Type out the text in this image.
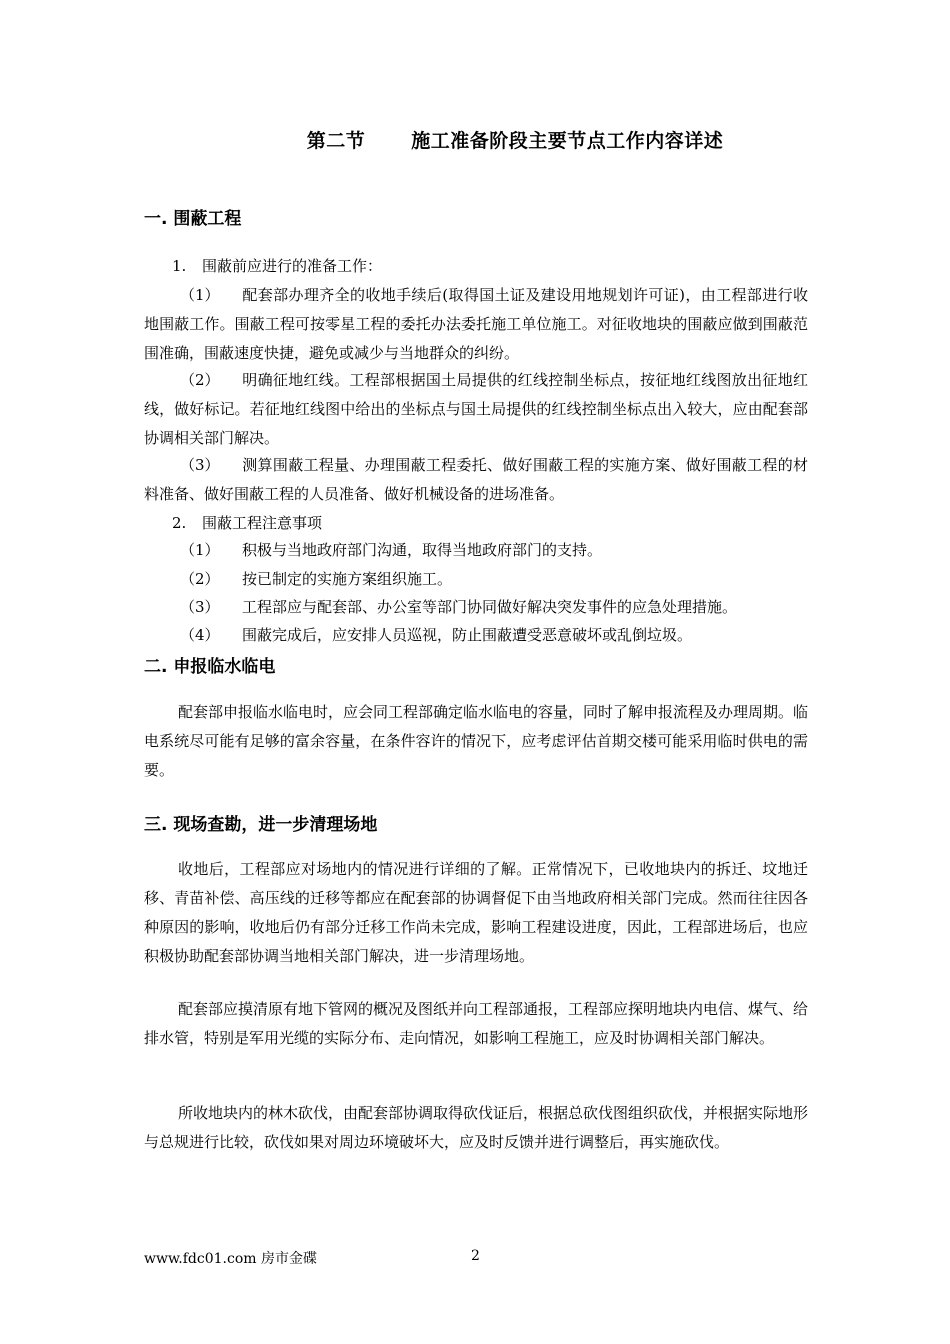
第二节 施工准备阶段主要节点工作内容详述
一. 围蔽工程
1. 围蔽前应进行的准备工作：
（1） 配套部办理齐全的收地手续后(取得国土证及建设用地规划许可证)，由工程部进行收地围蔽工作。围蔽工程可按零星工程的委托办法委托施工单位施工。对征收地块的围蔽应做到围蔽范围准确，围蔽速度快捷，避免或减少与当地群众的纠纷。
（2） 明确征地红线。工程部根据国土局提供的红线控制坐标点，按征地红线图放出征地红线，做好标记。若征地红线图中给出的坐标点与国土局提供的红线控制坐标点出入较大，应由配套部协调相关部门解决。
（3） 测算围蔽工程量、办理围蔽工程委托、做好围蔽工程的实施方案、做好围蔽工程的材料准备、做好围蔽工程的人员准备、做好机械设备的进场准备。
2. 围蔽工程注意事项
（1） 积极与当地政府部门沟通，取得当地政府部门的支持。
（2） 按已制定的实施方案组织施工。
（3） 工程部应与配套部、办公室等部门协同做好解决突发事件的应急处理措施。
（4） 围蔽完成后，应安排人员巡视，防止围蔽遭受恶意破坏或乱倒垃圾。
二. 申报临水临电
配套部申报临水临电时，应会同工程部确定临水临电的容量，同时了解申报流程及办理周期。临电系统尽可能有足够的富余容量，在条件容许的情况下，应考虑评估首期交楼可能采用临时供电的需要。
三. 现场查勘，进一步清理场地
收地后，工程部应对场地内的情况进行详细的了解。正常情况下，已收地块内的拆迁、坟地迁移、青苗补偿、高压线的迁移等都应在配套部的协调督促下由当地政府相关部门完成。然而往往因各种原因的影响，收地后仍有部分迁移工作尚未完成，影响工程建设进度，因此，工程部进场后，也应积极协助配套部协调当地相关部门解决，进一步清理场地。
配套部应摸清原有地下管网的概况及图纸并向工程部通报，工程部应探明地块内电信、煤气、给排水管，特别是军用光缆的实际分布、走向情况，如影响工程施工，应及时协调相关部门解决。
所收地块内的林木砍伐，由配套部协调取得砍伐证后，根据总砍伐图组织砍伐，并根据实际地形与总规进行比较，砍伐如果对周边环境破坏大，应及时反馈并进行调整后，再实施砍伐。
www.fdc01.com 房市金碟	2
